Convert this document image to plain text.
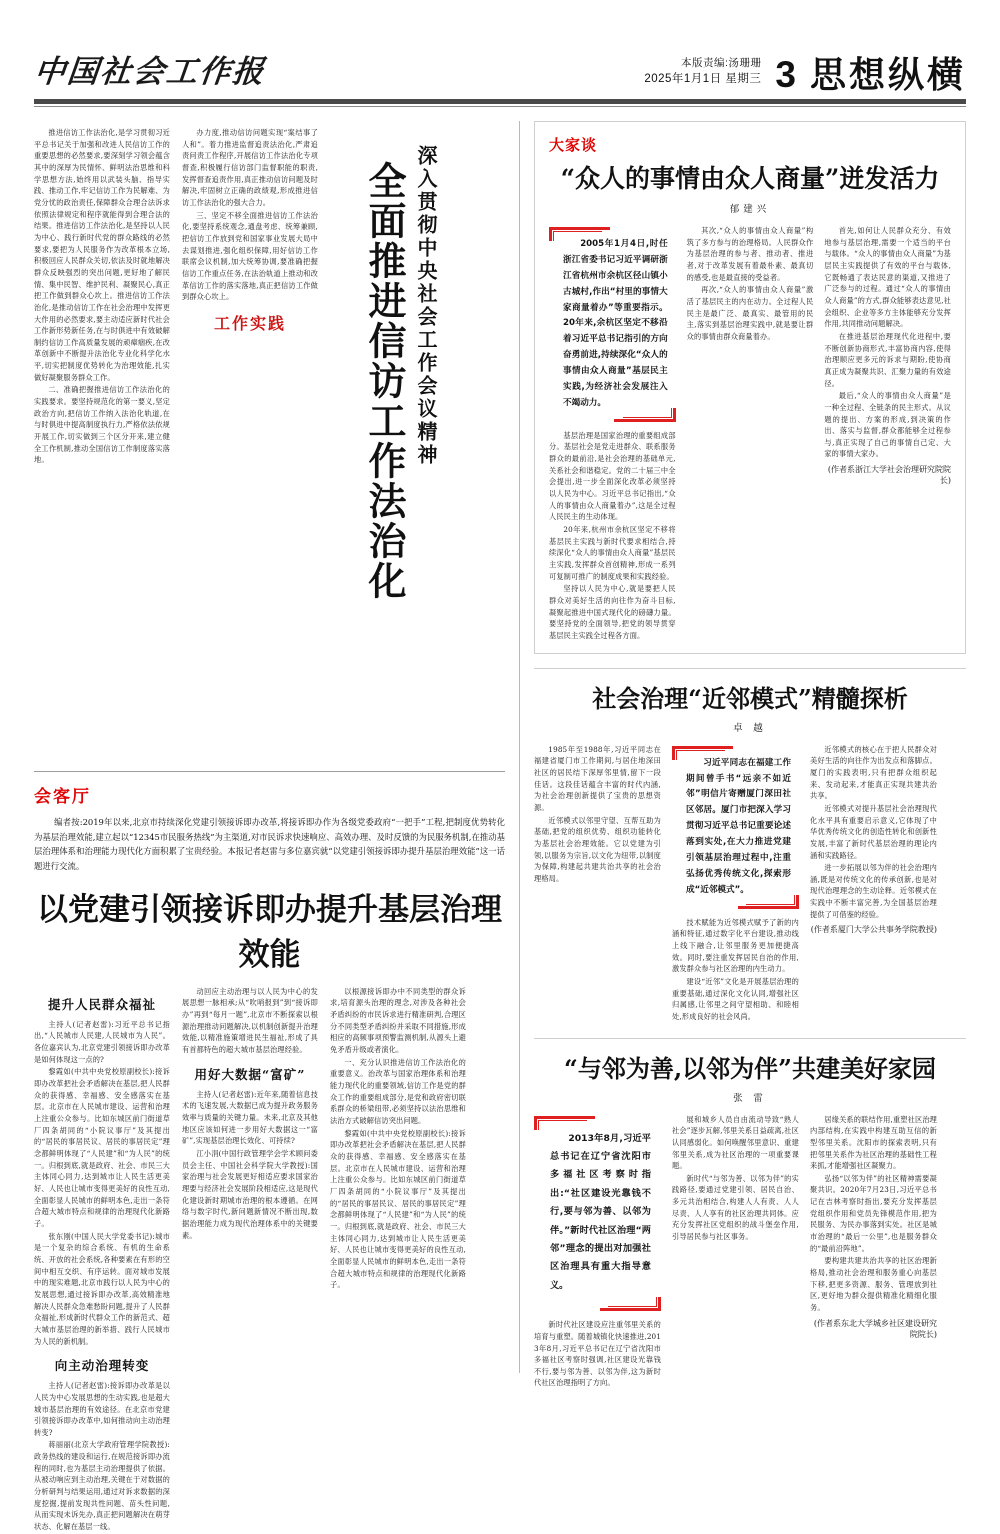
中国社会工作报	本版责编:汤珊珊
2025年1月1日 星期三 3 思想纵横
全面推进信访工作法治化 深入贯彻中央社会工作会议精神

推进信访工作法治化,是学习贯彻习近平总书记关于加强和改进人民信访工作的重要思想的必然要求,要深刻学习领会蕴含其中的深厚为民情怀、鲜明法治思维和科学思想方法,始终用以武装头脑、指导实践、推动工作,牢记信访工作为民解难、为党分忧的政治责任,保障群众合理合法诉求依照法律规定和程序就能得到合理合法的结果。推进信访工作法治化,是坚持以人民为中心、践行新时代党的群众路线的必然要求,要把为人民服务作为改革根本立场,积极回应人民群众关切,依法及时就地解决群众反映强烈的突出问题,更好地了解民情、集中民智、维护民利、凝聚民心,真正把工作做到群众心坎上。推进信访工作法治化,是推动信访工作在社会治理中发挥更大作用的必然要求,要主动适应新时代社会工作新形势新任务,在与时俱进中有效破解制约信访工作高质量发展的顽瘴痼疾,在改革创新中不断提升法治化专业化科学化水平,切实把制度优势转化为治理效能,扎实做好凝聚服务群众工作。

二、准确把握推进信访工作法治化的实践要求。要坚持规范化的第一要义,坚定政治方向,把信访工作纳入法治化轨道,在与时俱进中提高制度执行力,严格依法依规开展工作,切实做到三个区分开来,建立健全工作机制,推动全国信访工作制度落实落地。

办力度,推动信访问题实现“案结事了人和”。着力推进监督追责法治化,严肃追责问责工作程序,开展信访工作法治化专项督查,积极履行信访部门监督职能的职责,发挥督查追责作用,真正推动信访问题及时解决,牢固树立正确的政绩观,形成推进信访工作法治化的强大合力。

三、坚定不移全面推进信访工作法治化,要坚持系统观念,通盘考虑、统筹兼顾,把信访工作放到党和国家事业发展大局中去谋划推进,强化组织保障,用好信访工作联席会议机制,加大统筹协调,要准确把握信访工作重点任务,在法治轨道上推动和改革信访工作的落实落地,真正把信访工作做到群众心坎上。

工作实践
会客厅

编者按:2019年以来,北京市持续深化党建引领接诉即办改革,将接诉即办作为各级党委政府“一把手”工程,把制度优势转化为基层治理效能,建立起以“12345市民服务热线”为主渠道,对市民诉求快速响应、高效办理、及时反馈的为民服务机制,在推动基层治理体系和治理能力现代化方面积累了宝贵经验。本报记者赵雷与多位嘉宾就“以党建引领接诉即办提升基层治理效能”这一话题进行交流。

以党建引领接诉即办提升基层治理效能
提升人民群众福祉

主持人(记者赵雷):习近平总书记指出,“人民城市人民建,人民城市为人民”。各位嘉宾认为,北京党建引领接诉即办改革是如何体现这一点的?

黎霞如(中共中央党校原副校长):接诉即办改革把社会矛盾解决在基层,把人民群众的获得感、幸福感、安全感落实在基层。北京市在人民城市建设、运营和治理上注重公众参与。比如东城区前门街道草厂四条胡同的“小院议事厅”及其提出的“居民的事居民议、居民的事居民定”理念都鲜明体现了“人民建”和“为人民”的统一。归根到底,就是政府、社会、市民三大主体同心同力,达到城市让人民生活更美好、人民也让城市变得更美好的良性互动,全面彰显人民城市的鲜明本色,走出一条符合超大城市特点和规律的治理现代化新路子。

张东刚(中国人民大学党委书记):城市是一个复杂的综合系统、有机的生命系统、开放的社会系统,各种要素在有形的空间中相互交织、有序运转。面对城市发展中的现实难题,北京市践行以人民为中心的发展思想,通过接诉即办改革,高效精准地解决人民群众急难愁盼问题,提升了人民群众福祉,形成新时代群众工作的新范式、超大城市基层治理的新举措、践行人民城市为人民的新机制。

向主动治理转变

主持人(记者赵雷):接诉即办改革是以人民为中心发展思想的生动实践,也是超大城市基层治理的有效途径。在北京市党建引领接诉即办改革中,如何推动向主动治理转变?

蒋丽丽(北京大学政府管理学院教授):政务热线的建设和运行,在规范接诉即办流程的同时,也为基层主动治理提供了依据。从被动响应到主动治理,关键在于对数据的分析研判与结果运用,通过对诉求数据的深度挖掘,提前发现共性问题、苗头性问题,从而实现未诉先办,真正把问题解决在萌芽状态、化解在基层一线。

动回应主动治理与以人民为中心的发展思想一脉相承;从“吹哨报到”到“接诉即办”再到“每月一题”,北京市不断探索以根源治理推动问题解决,以机制创新提升治理效能,以精准施策增进民生福祉,形成了具有首都特色的超大城市基层治理经验。

用好大数据“富矿”

主持人(记者赵雷):近年来,随着信息技术的飞速发展,大数据已成为提升政务服务效率与质量的关键力量。未来,北京及其他地区应该如何进一步用好大数据这一“富矿”,实现基层治理长效化、可持续?

江小涓(中国行政管理学会学术顾问委员会主任、中国社会科学院大学教授):国家治理与社会发展更好相适应要求国家治理要与经济社会发展阶段相适应,这是现代化建设新时期城市治理的根本遵循。在网络与数字时代,新问题新情况不断出现,数据治理能力成为现代治理体系中的关键要素。

以根源接诉即办中不同类型的群众诉求,培育源头治理的理念,对涉及各种社会矛盾纠纷的市民诉求进行精准研判,合理区分不同类型矛盾纠纷并采取不同措施,形成相应的高频事项预警监测机制,从源头上避免矛盾升级或者演化。

一、充分认识推进信访工作法治化的重要意义。治改革与国家治理体系和治理能力现代化的重要领域,信访工作是党的群众工作的重要组成部分,是党和政府密切联系群众的桥梁纽带,必须坚持以法治思维和法治方式破解信访突出问题。

黎霞如(中共中央党校原副校长):接诉即办改革把社会矛盾解决在基层,把人民群众的获得感、幸福感、安全感落实在基层。北京市在人民城市建设、运营和治理上注重公众参与。比如东城区前门街道草厂四条胡同的“小院议事厅”及其提出的“居民的事居民议、居民的事居民定”理念都鲜明体现了“人民建”和“为人民”的统一。归根到底,就是政府、社会、市民三大主体同心同力,达到城市让人民生活更美好、人民也让城市变得更美好的良性互动,全面彰显人民城市的鲜明本色,走出一条符合超大城市特点和规律的治理现代化新路子。

大家谈
“众人的事情由众人商量”迸发活力
郁建兴
2005年1月4日,时任浙江省委书记习近平调研浙江省杭州市余杭区径山镇小古城村,作出“村里的事情大家商量着办”等重要指示。20年来,余杭区坚定不移沿着习近平总书记指引的方向奋勇前进,持续深化“众人的事情由众人商量”基层民主实践,为经济社会发展注入不竭动力。

基层治理是国家治理的重要组成部分。基层社会是党走进群众、联系服务群众的最前沿,是社会治理的基础单元,关系社会和谐稳定。党的二十届三中全会提出,进一步全面深化改革必须坚持以人民为中心。习近平总书记指出,“众人的事情由众人商量着办”,这是全过程人民民主的生动体现。

20年来,杭州市余杭区坚定不移将基层民主实践与新时代要求相结合,持续深化“众人的事情由众人商量”基层民主实践,发挥群众首创精神,形成一系列可复制可推广的制度成果和实践经验。

坚持以人民为中心,就是要把人民群众对美好生活的向往作为奋斗目标,凝聚起推进中国式现代化的磅礴力量。要坚持党的全面领导,把党的领导贯穿基层民主实践全过程各方面。

其次,“众人的事情由众人商量”构筑了多方参与的治理格局。人民群众作为基层治理的参与者、推动者、推进者,对于改革发展有着最朴素、最真切的感受,也是最直接的受益者。

再次,“众人的事情由众人商量”激活了基层民主的内在动力。全过程人民民主是最广泛、最真实、最管用的民主,落实到基层治理实践中,就是要让群众的事情由群众商量着办。

首先,如何让人民群众充分、有效地参与基层治理,需要一个适当的平台与载体。“众人的事情由众人商量”为基层民主实践提供了有效的平台与载体,它既畅通了表达民意的渠道,又推进了广泛参与的过程。通过“众人的事情由众人商量”的方式,群众能够表达意见,社会组织、企业等多方主体能够充分发挥作用,共同推动问题解决。

在推进基层治理现代化进程中,要不断创新协商形式,丰富协商内容,使得治理顺应更多元的诉求与期盼,使协商真正成为凝聚共识、汇聚力量的有效途径。

最后,“众人的事情由众人商量”是一种全过程、全链条的民主形式。从议题的提出、方案的形成,到决策的作出、落实与监督,群众都能够全过程参与,真正实现了自己的事情自己定、大家的事情大家办。

(作者系浙江大学社会治理研究院院长)
社会治理“近邻模式”精髓探析
卓 越

1985年至1988年,习近平同志在福建省厦门市工作期间,与居住地深田社区的居民结下深厚邻里情,留下一段佳话。这段佳话蕴含丰富的时代内涵,为社会治理创新提供了宝贵的思想资源。

近邻模式以邻里守望、互帮互助为基础,把党的组织优势、组织功能转化为基层社会治理效能。它以党建为引领,以服务为宗旨,以文化为纽带,以制度为保障,构建起共建共治共享的社会治理格局。

习近平同志在福建工作期间曾手书“远亲不如近邻”明信片寄赠厦门深田社区邻居。厦门市把深入学习贯彻习近平总书记重要论述落到实处,在大力推进党建引领基层治理过程中,注重弘扬优秀传统文化,探索形成“近邻模式”。

技术赋能为近邻模式赋予了新的内涵和特征,通过数字化平台建设,推动线上线下融合,让邻里服务更加便捷高效。同时,要注重发挥居民自治的作用,激发群众参与社区治理的内生动力。

建设“近邻”文化是开展基层治理的重要基础,通过深化文化认同,增强社区归属感,让邻里之间守望相助、和睦相处,形成良好的社会风尚。

近邻模式的核心在于把人民群众对美好生活的向往作为出发点和落脚点。厦门的实践表明,只有把群众组织起来、发动起来,才能真正实现共建共治共享。

近邻模式对提升基层社会治理现代化水平具有重要启示意义,它体现了中华优秀传统文化的创造性转化和创新性发展,丰富了新时代基层治理的理论内涵和实践路径。

进一步拓展以邻为伴的社会治理内涵,既是对传统文化的传承创新,也是对现代治理理念的生动诠释。近邻模式在实践中不断丰富完善,为全国基层治理提供了可借鉴的经验。

(作者系厦门大学公共事务学院教授)
“与邻为善,以邻为伴”共建美好家园
张 雷
2013年8月,习近平总书记在辽宁省沈阳市多福社区考察时指出:“社区建设光靠钱不行,要与邻为善、以邻为伴。”新时代社区治理“两邻”理念的提出对加强社区治理具有重大指导意义。

新时代社区建设应注重邻里关系的培育与重塑。随着城镇化快速推进,2013年8月,习近平总书记在辽宁省沈阳市多福社区考察时强调,社区建设光靠钱不行,要与邻为善、以邻为伴,这为新时代社区治理指明了方向。

展和城乡人员自由流动导致“熟人社会”逐步瓦解,邻里关系日益疏离,社区认同感弱化。如何唤醒邻里意识、重建邻里关系,成为社区治理的一项重要课题。

新时代“与邻为善、以邻为伴”的实践路径,要通过党建引领、居民自治、多元共治相结合,构建人人有责、人人尽责、人人享有的社区治理共同体。应充分发挥社区党组织的战斗堡垒作用,引导居民参与社区事务。

居缘关系的联结作用,重塑社区治理内部结构,在实践中构建互助互信的新型邻里关系。沈阳市的探索表明,只有把邻里关系作为社区治理的基础性工程来抓,才能增强社区凝聚力。

弘扬“以邻为伴”的社区精神需要凝聚共识。2020年7月23日,习近平总书记在吉林考察时指出,要充分发挥基层党组织作用和党员先锋模范作用,把为民服务、为民办事落到实处。社区是城市治理的“最后一公里”,也是服务群众的“最前沿阵地”。

要构建共建共治共享的社区治理新格局,推动社会治理和服务重心向基层下移,把更多资源、服务、管理放到社区,更好地为群众提供精准化精细化服务。

(作者系东北大学城乡社区建设研究院院长)
